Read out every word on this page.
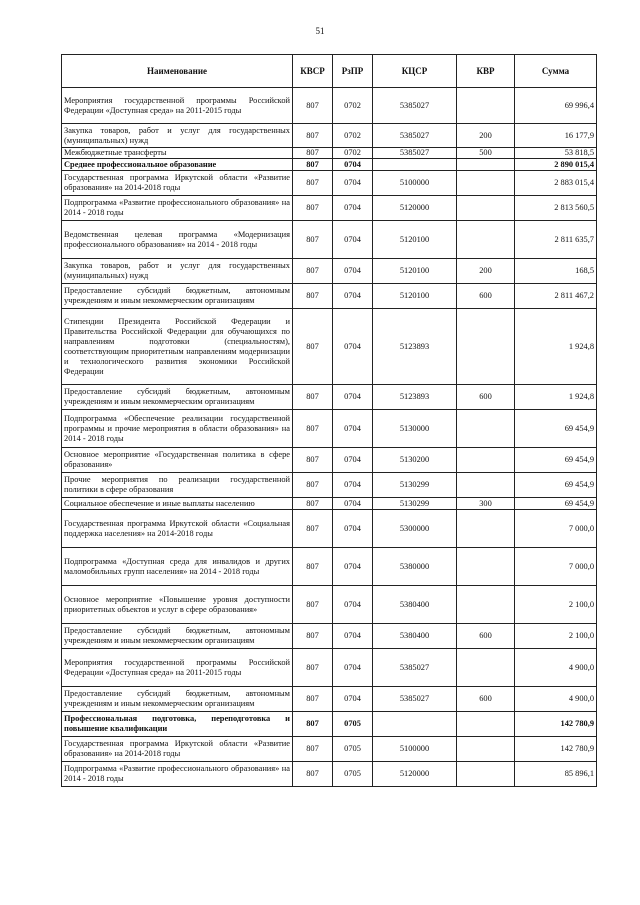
51
Наименование	КВСР	РзПР	КЦСР	КВР	Сумма
Мероприятия государственной программы Российской Федерации «Доступная среда» на 2011-2015 годы	807	0702	5385027		69 996,4
Закупка товаров, работ и услуг для государственных (муниципальных) нужд	807	0702	5385027	200	16 177,9
Межбюджетные трансферты	807	0702	5385027	500	53 818,5
Среднее профессиональное образование	807	0704			2 890 015,4
Государственная программа Иркутской области «Развитие образования» на 2014-2018 годы	807	0704	5100000		2 883 015,4
Подпрограмма «Развитие профессионального образования» на 2014 - 2018 годы	807	0704	5120000		2 813 560,5
Ведомственная целевая программа «Модернизация профессионального образования» на 2014 - 2018 годы	807	0704	5120100		2 811 635,7
Закупка товаров, работ и услуг для государственных (муниципальных) нужд	807	0704	5120100	200	168,5
Предоставление субсидий бюджетным, автономным учреждениям и иным некоммерческим организациям	807	0704	5120100	600	2 811 467,2
Стипендии Президента Российской Федерации и Правительства Российской Федерации для обучающихся по направлениям подготовки (специальностям), соответствующим приоритетным направлениям модернизации и технологического развития экономики Российской Федерации	807	0704	5123893		1 924,8
Предоставление субсидий бюджетным, автономным учреждениям и иным некоммерческим организациям	807	0704	5123893	600	1 924,8
Подпрограмма «Обеспечение реализации государственной программы и прочие мероприятия в области образования» на 2014 - 2018 годы	807	0704	5130000		69 454,9
Основное мероприятие «Государственная политика в сфере образования»	807	0704	5130200		69 454,9
Прочие мероприятия по реализации государственной политики в сфере образования	807	0704	5130299		69 454,9
Социальное обеспечение и иные выплаты населению	807	0704	5130299	300	69 454,9
Государственная программа Иркутской области «Социальная поддержка населения» на 2014-2018 годы	807	0704	5300000		7 000,0
Подпрограмма «Доступная среда для инвалидов и других маломобильных групп населения» на 2014 - 2018 годы	807	0704	5380000		7 000,0
Основное мероприятие «Повышение уровня доступности приоритетных объектов и услуг в сфере образования»	807	0704	5380400		2 100,0
Предоставление субсидий бюджетным, автономным учреждениям и иным некоммерческим организациям	807	0704	5380400	600	2 100,0
Мероприятия государственной программы Российской Федерации «Доступная среда» на 2011-2015 годы	807	0704	5385027		4 900,0
Предоставление субсидий бюджетным, автономным учреждениям и иным некоммерческим организациям	807	0704	5385027	600	4 900,0
Профессиональная подготовка, переподготовка и повышение квалификации	807	0705			142 780,9
Государственная программа Иркутской области «Развитие образования» на 2014-2018 годы	807	0705	5100000		142 780,9
Подпрограмма «Развитие профессионального образования» на 2014 - 2018 годы	807	0705	5120000		85 896,1
